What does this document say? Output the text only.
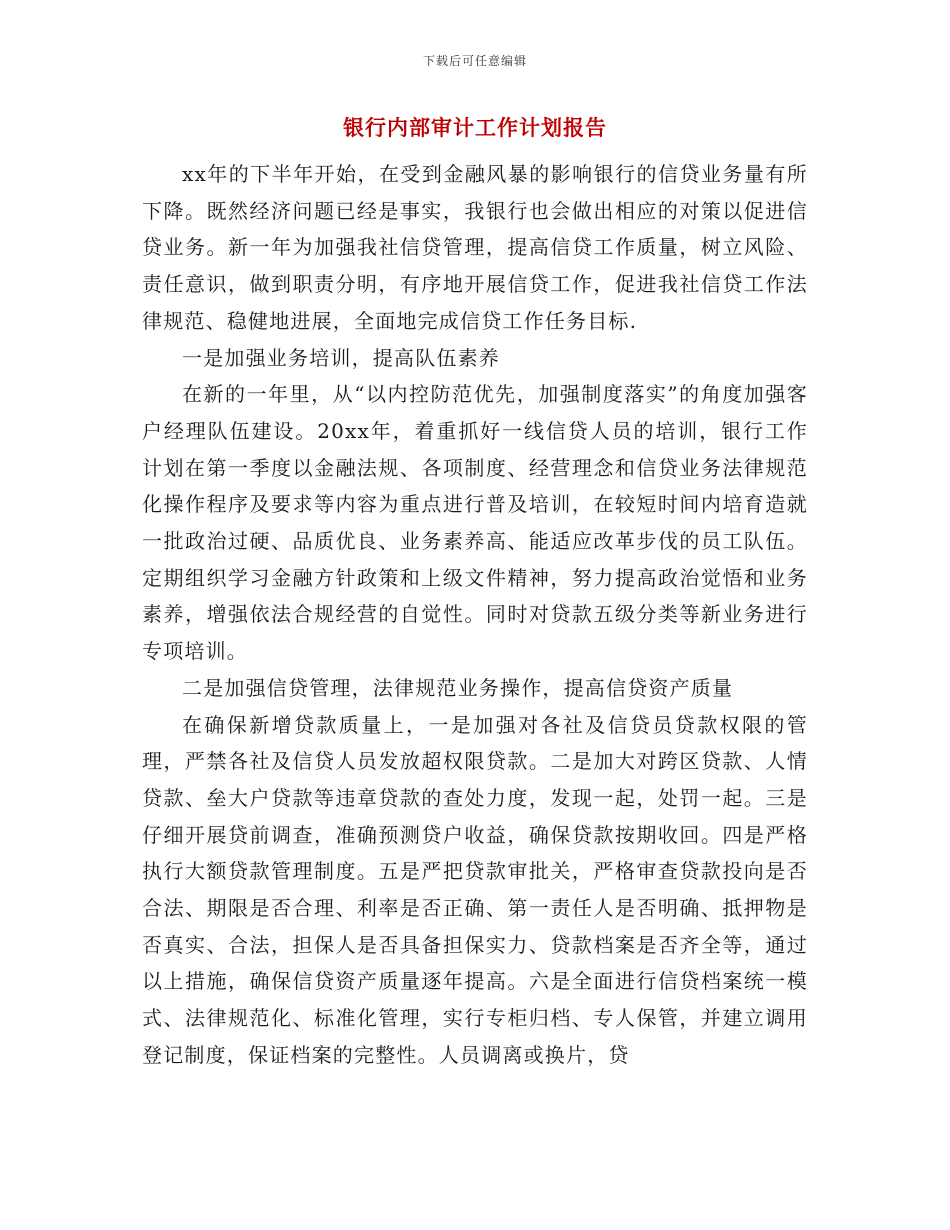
下载后可任意编辑
银行内部审计工作计划报告

xx年的下半年开始，在受到金融风暴的影响银行的信贷业务量有所下降。既然经济问题已经是事实，我银行也会做出相应的对策以促进信贷业务。新一年为加强我社信贷管理，提高信贷工作质量，树立风险、责任意识，做到职责分明，有序地开展信贷工作，促进我社信贷工作法律规范、稳健地进展，全面地完成信贷工作任务目标.

一是加强业务培训，提高队伍素养

在新的一年里，从“以内控防范优先，加强制度落实”的角度加强客户经理队伍建设。20xx年，着重抓好一线信贷人员的培训，银行工作计划在第一季度以金融法规、各项制度、经营理念和信贷业务法律规范化操作程序及要求等内容为重点进行普及培训，在较短时间内培育造就一批政治过硬、品质优良、业务素养高、能适应改革步伐的员工队伍。定期组织学习金融方针政策和上级文件精神，努力提高政治觉悟和业务素养，增强依法合规经营的自觉性。同时对贷款五级分类等新业务进行专项培训。

二是加强信贷管理，法律规范业务操作，提高信贷资产质量

在确保新增贷款质量上，一是加强对各社及信贷员贷款权限的管理，严禁各社及信贷人员发放超权限贷款。二是加大对跨区贷款、人情贷款、垒大户贷款等违章贷款的查处力度，发现一起，处罚一起。三是仔细开展贷前调查，准确预测贷户收益，确保贷款按期收回。四是严格执行大额贷款管理制度。五是严把贷款审批关，严格审查贷款投向是否合法、期限是否合理、利率是否正确、第一责任人是否明确、抵押物是否真实、合法，担保人是否具备担保实力、贷款档案是否齐全等，通过以上措施，确保信贷资产质量逐年提高。六是全面进行信贷档案统一模式、法律规范化、标准化管理，实行专柜归档、专人保管，并建立调用登记制度，保证档案的完整性。人员调离或换片，贷
